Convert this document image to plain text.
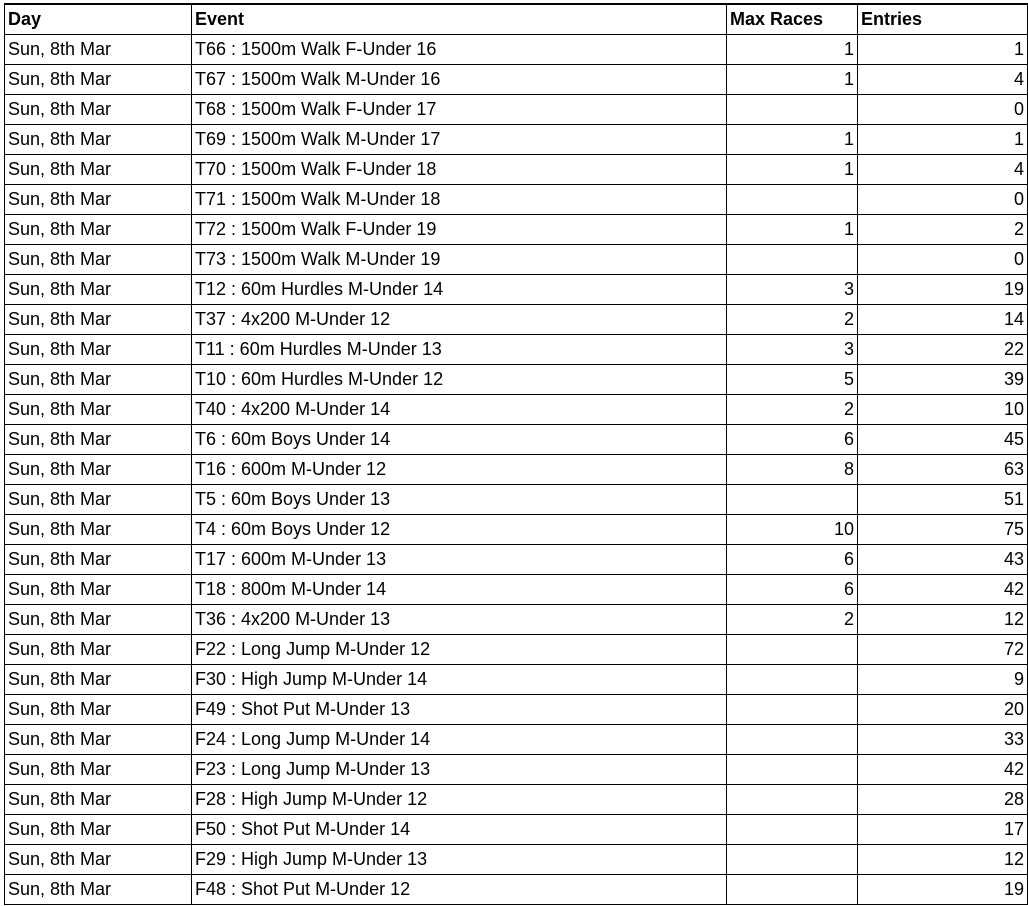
Day	Event	Max Races	Entries
Sun, 8th Mar	T66 : 1500m Walk F-Under 16	1	1
Sun, 8th Mar	T67 : 1500m Walk M-Under 16	1	4
Sun, 8th Mar	T68 : 1500m Walk F-Under 17		0
Sun, 8th Mar	T69 : 1500m Walk M-Under 17	1	1
Sun, 8th Mar	T70 : 1500m Walk F-Under 18	1	4
Sun, 8th Mar	T71 : 1500m Walk M-Under 18		0
Sun, 8th Mar	T72 : 1500m Walk F-Under 19	1	2
Sun, 8th Mar	T73 : 1500m Walk M-Under 19		0
Sun, 8th Mar	T12 : 60m Hurdles M-Under 14	3	19
Sun, 8th Mar	T37 : 4x200 M-Under 12	2	14
Sun, 8th Mar	T11 : 60m Hurdles M-Under 13	3	22
Sun, 8th Mar	T10 : 60m Hurdles M-Under 12	5	39
Sun, 8th Mar	T40 : 4x200 M-Under 14	2	10
Sun, 8th Mar	T6 : 60m Boys Under 14	6	45
Sun, 8th Mar	T16 : 600m M-Under 12	8	63
Sun, 8th Mar	T5 : 60m Boys Under 13		51
Sun, 8th Mar	T4 : 60m Boys Under 12	10	75
Sun, 8th Mar	T17 : 600m M-Under 13	6	43
Sun, 8th Mar	T18 : 800m M-Under 14	6	42
Sun, 8th Mar	T36 : 4x200 M-Under 13	2	12
Sun, 8th Mar	F22 : Long Jump M-Under 12		72
Sun, 8th Mar	F30 : High Jump M-Under 14		9
Sun, 8th Mar	F49 : Shot Put M-Under 13		20
Sun, 8th Mar	F24 : Long Jump M-Under 14		33
Sun, 8th Mar	F23 : Long Jump M-Under 13		42
Sun, 8th Mar	F28 : High Jump M-Under 12		28
Sun, 8th Mar	F50 : Shot Put M-Under 14		17
Sun, 8th Mar	F29 : High Jump M-Under 13		12
Sun, 8th Mar	F48 : Shot Put M-Under 12		19
